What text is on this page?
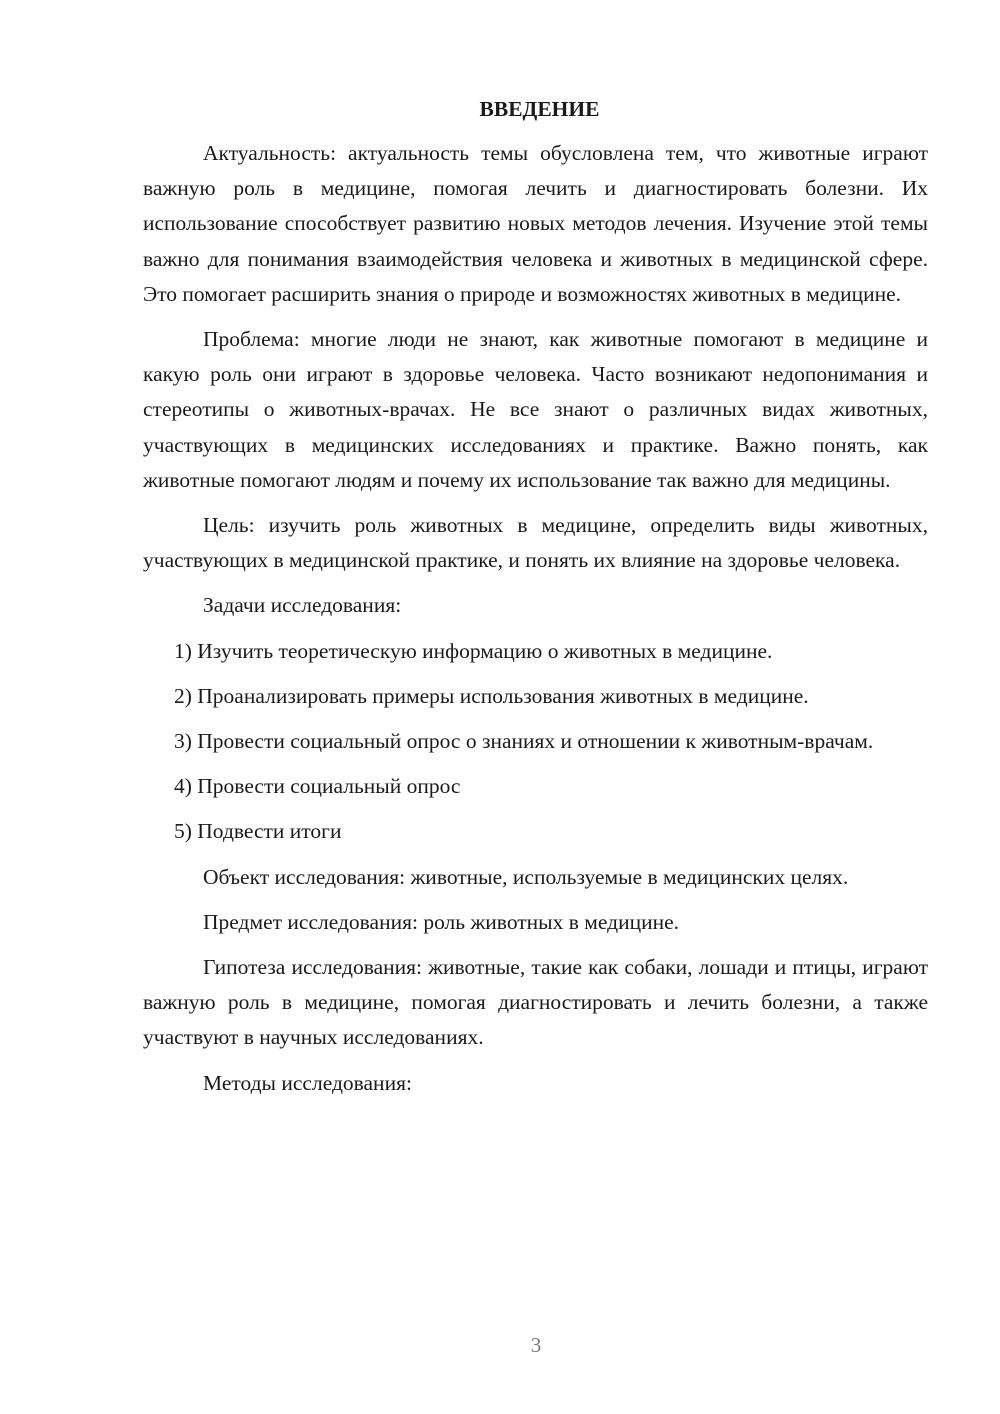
ВВЕДЕНИЕ

Актуальность: актуальность темы обусловлена тем, что животные играют важную роль в медицине, помогая лечить и диагностировать болезни. Их использование способствует развитию новых методов лечения. Изучение этой темы важно для понимания взаимодействия человека и животных в медицинской сфере. Это помогает расширить знания о природе и возможностях животных в медицине.

Проблема: многие люди не знают, как животные помогают в медицине и какую роль они играют в здоровье человека. Часто возникают недопонимания и стереотипы о животных-врачах. Не все знают о различных видах животных, участвующих в медицинских исследованиях и практике. Важно понять, как животные помогают людям и почему их использование так важно для медицины.

Цель: изучить роль животных в медицине, определить виды животных, участвующих в медицинской практике, и понять их влияние на здоровье человека.

Задачи исследования:

1) Изучить теоретическую информацию о животных в медицине.

2) Проанализировать примеры использования животных в медицине.

3) Провести социальный опрос о знаниях и отношении к животным-врачам.

4) Провести социальный опрос

5) Подвести итоги

Объект исследования: животные, используемые в медицинских целях.

Предмет исследования: роль животных в медицине.

Гипотеза исследования: животные, такие как собаки, лошади и птицы, играют важную роль в медицине, помогая диагностировать и лечить болезни, а также участвуют в научных исследованиях.

Методы исследования:

3
